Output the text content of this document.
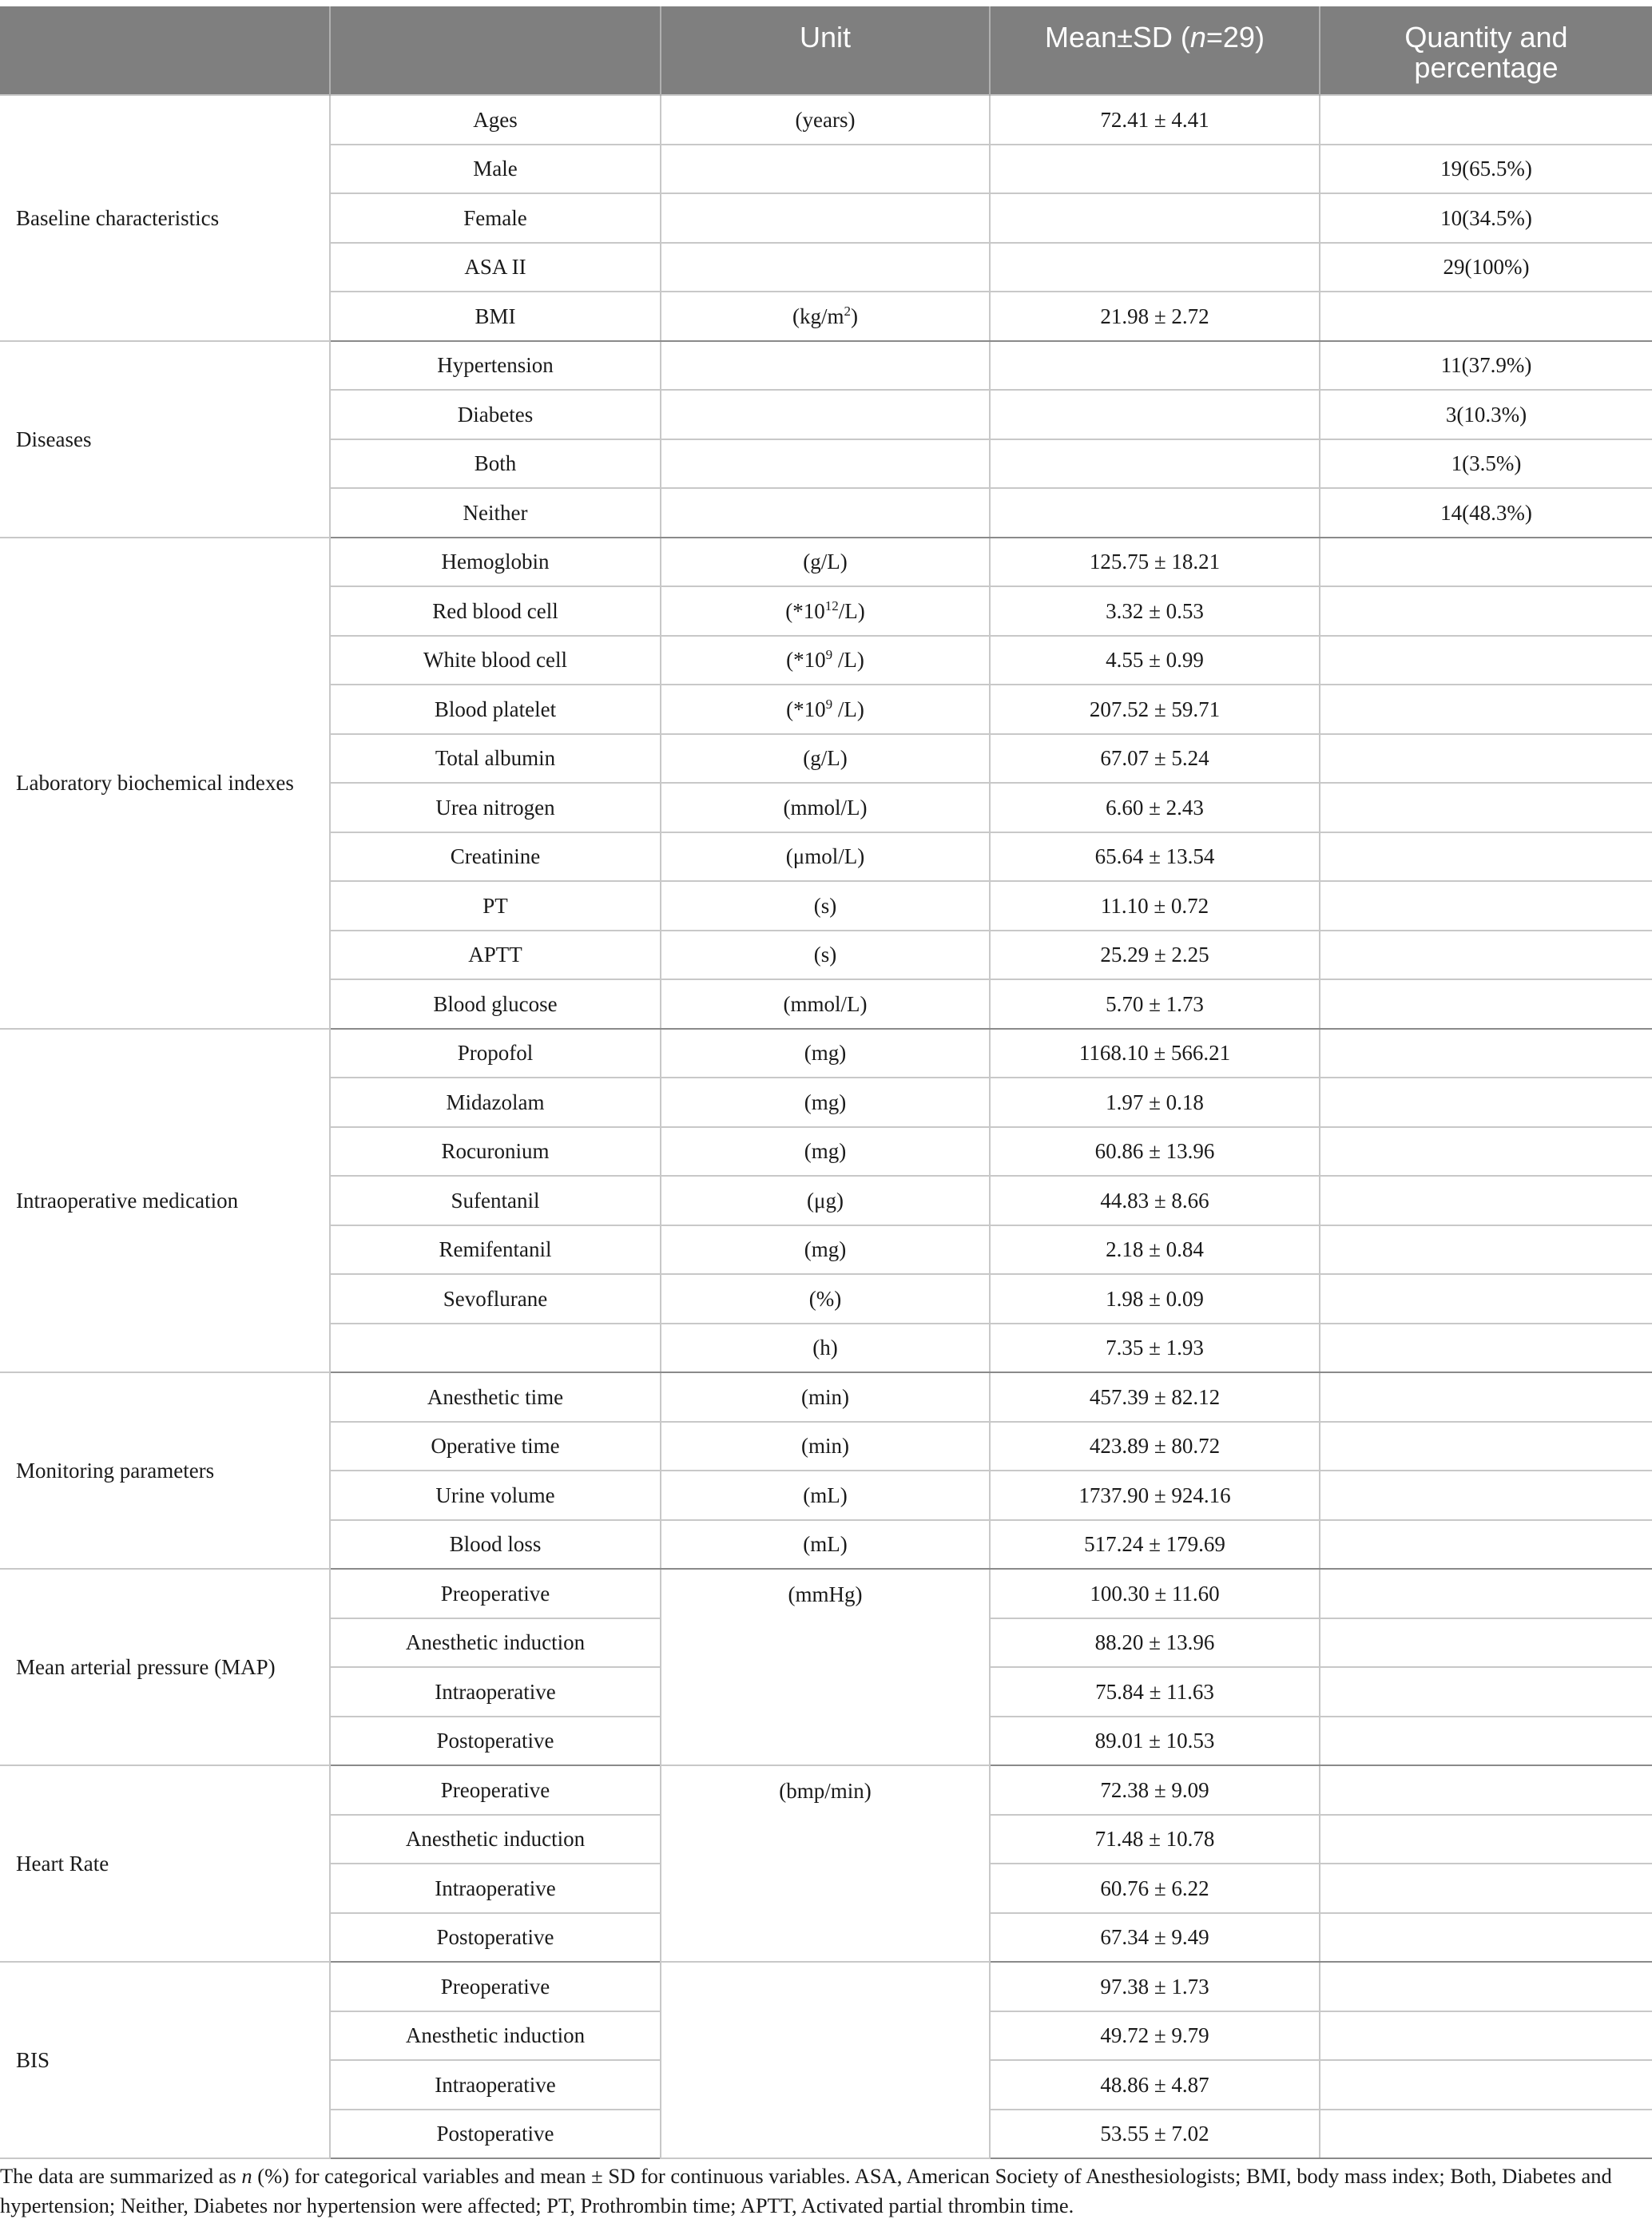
		Unit	Mean±SD (n=29)	Quantity and
percentage

Baseline characteristics	Ages	(years)	72.41 ± 4.41	
	Male			19(65.5%)
	Female			10(34.5%)
	ASA II			29(100%)
	BMI	$(kg/m^2)$	21.98 ± 2.72	
Diseases	Hypertension			11(37.9%)
	Diabetes			3(10.3%)
	Both			1(3.5%)
	Neither			14(48.3%)
Laboratory biochemical indexes	Hemoglobin	(g/L)	125.75 ± 18.21	
	Red blood cell	$(*10^{12}/L)$	3.32 ± 0.53	
	White blood cell	($*10^9$ /L)	4.55 ± 0.99	
	Blood platelet	($*10^9$ /L)	207.52 ± 59.71	
	Total albumin	(g/L)	67.07 ± 5.24	
	Urea nitrogen	(mmol/L)	6.60 ± 2.43	
	Creatinine	(μmol/L)	65.64 ± 13.54	
	PT	(s)	11.10 ± 0.72	
	APTT	(s)	25.29 ± 2.25	
	Blood glucose	(mmol/L)	5.70 ± 1.73	
Intraoperative medication	Propofol	(mg)	1168.10 ± 566.21	
	Midazolam	(mg)	1.97 ± 0.18	
	Rocuronium	(mg)	60.86 ± 13.96	
	Sufentanil	(μg)	44.83 ± 8.66	
	Remifentanil	(mg)	2.18 ± 0.84	
	Sevoflurane	(%)	1.98 ± 0.09	
		(h)	7.35 ± 1.93	
Monitoring parameters	Anesthetic time	(min)	457.39 ± 82.12	
	Operative time	(min)	423.89 ± 80.72	
	Urine volume	(mL)	1737.90 ± 924.16	
	Blood loss	(mL)	517.24 ± 179.69	
Mean arterial pressure (MAP)	Preoperative	(mmHg)	100.30 ± 11.60	
	Anesthetic induction		88.20 ± 13.96	
	Intraoperative		75.84 ± 11.63	
	Postoperative		89.01 ± 10.53	
Heart Rate	Preoperative	(bmp/min)	72.38 ± 9.09	
	Anesthetic induction		71.48 ± 10.78	
	Intraoperative		60.76 ± 6.22	
	Postoperative		67.34 ± 9.49	
BIS	Preoperative		97.38 ± 1.73	
	Anesthetic induction		49.72 ± 9.79	
	Intraoperative		48.86 ± 4.87	
	Postoperative		53.55 ± 7.02	
The data are summarized as n (%) for categorical variables and mean ± SD for continuous variables. ASA, American Society of Anesthesiologists; BMI, body mass index; Both, Diabetes and hypertension; Neither, Diabetes nor hypertension were affected; PT, Prothrombin time; APTT, Activated partial thrombin time.
